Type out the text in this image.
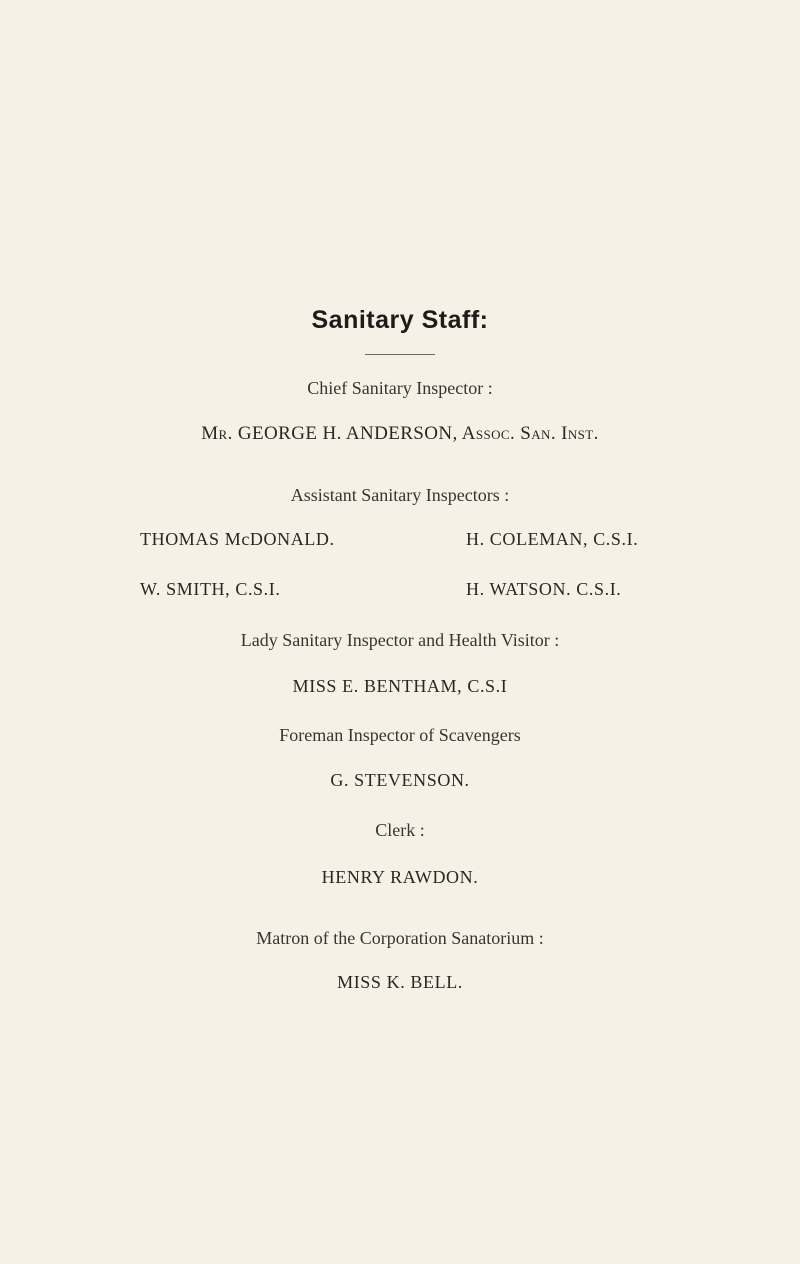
Sanitary Staff:
Chief Sanitary Inspector :
Mr. GEORGE H. ANDERSON, Assoc. San. Inst.
Assistant Sanitary Inspectors :
THOMAS McDONALD.	H. COLEMAN, C.S.I.
W. SMITH, C.S.I.	H. WATSON. C.S.I.
Lady Sanitary Inspector and Health Visitor :
MISS E. BENTHAM, C.S.I
Foreman Inspector of Scavengers
G. STEVENSON.
Clerk :
HENRY RAWDON.
Matron of the Corporation Sanatorium :
MISS K. BELL.
